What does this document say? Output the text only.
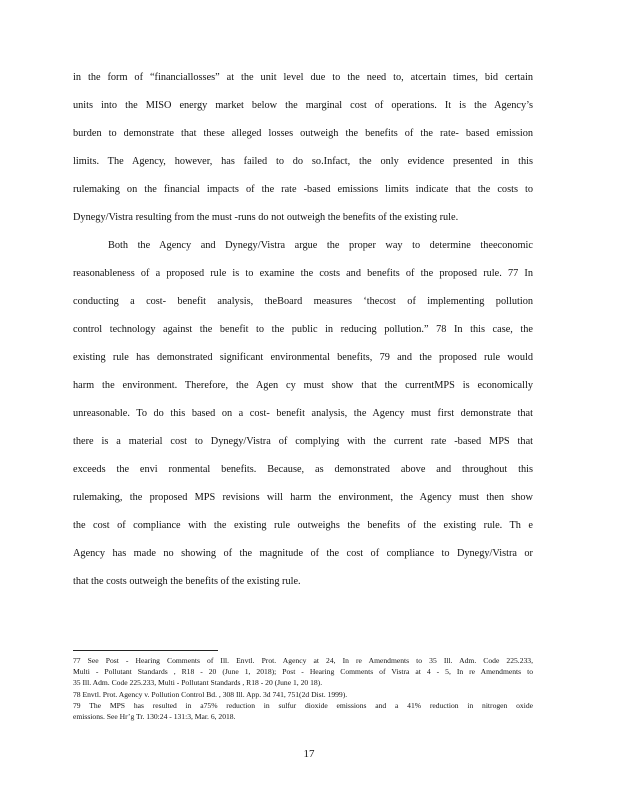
in the form of “financiallosses” at the unit level due to the need to, atcertain times, bid certain
units into the MISO energy market below the marginal cost of operations. It is the Agency’s
burden to demonstrate that these alleged losses outweigh the benefits of the rate- based emission
limits. The Agency, however, has failed to do so.Infact, the only evidence presented in this
rulemaking on the financial impacts of the rate -based emissions limits indicate that the costs to
Dynegy/Vistra resulting from the must -runs do not outweigh the benefits of the existing rule.
Both the Agency and Dynegy/Vistra argue the proper way to determine theeconomic
reasonableness of a proposed rule is to examine the costs and benefits of the proposed rule. 77 In
conducting a cost- benefit analysis, theBoard measures ‘thecost of implementing pollution
control technology against the benefit to the public in reducing pollution.” 78 In this case, the
existing rule has demonstrated significant environmental benefits, 79 and the proposed rule would
harm the environment. Therefore, the Agen cy must show that the currentMPS is economically
unreasonable. To do this based on a cost- benefit analysis, the Agency must first demonstrate that
there is a material cost to Dynegy/Vistra of complying with the current rate -based MPS that
exceeds the envi ronmental benefits. Because, as demonstrated above and throughout this
rulemaking, the proposed MPS revisions will harm the environment, the Agency must then show
the cost of compliance with the existing rule outweighs the benefits of the existing rule. Th e
Agency has made no showing of the magnitude of the cost of compliance to Dynegy/Vistra or
that the costs outweigh the benefits of the existing rule.
77 See Post - Hearing Comments of Ill. Envtl. Prot. Agency at 24, In re Amendments to 35 Ill. Adm. Code 225.233,
Multi - Pollutant Standards , R18 - 20 (June 1, 2018); Post - Hearing Comments of Vistra at 4 - 5, In re Amendments to
35 Ill. Adm. Code 225.233, Multi - Pollutant Standards , R18 - 20 (June 1, 20 18).
78 Envtl. Prot. Agency v. Pollution Control Bd. , 308 Ill. App. 3d 741, 751(2d Dist. 1999).
79 The MPS has resulted in a75% reduction in sulfur dioxide emissions and a 41% reduction in nitrogen oxide
emissions. See Hr’g Tr. 130:24 - 131:3, Mar. 6, 2018.
17
